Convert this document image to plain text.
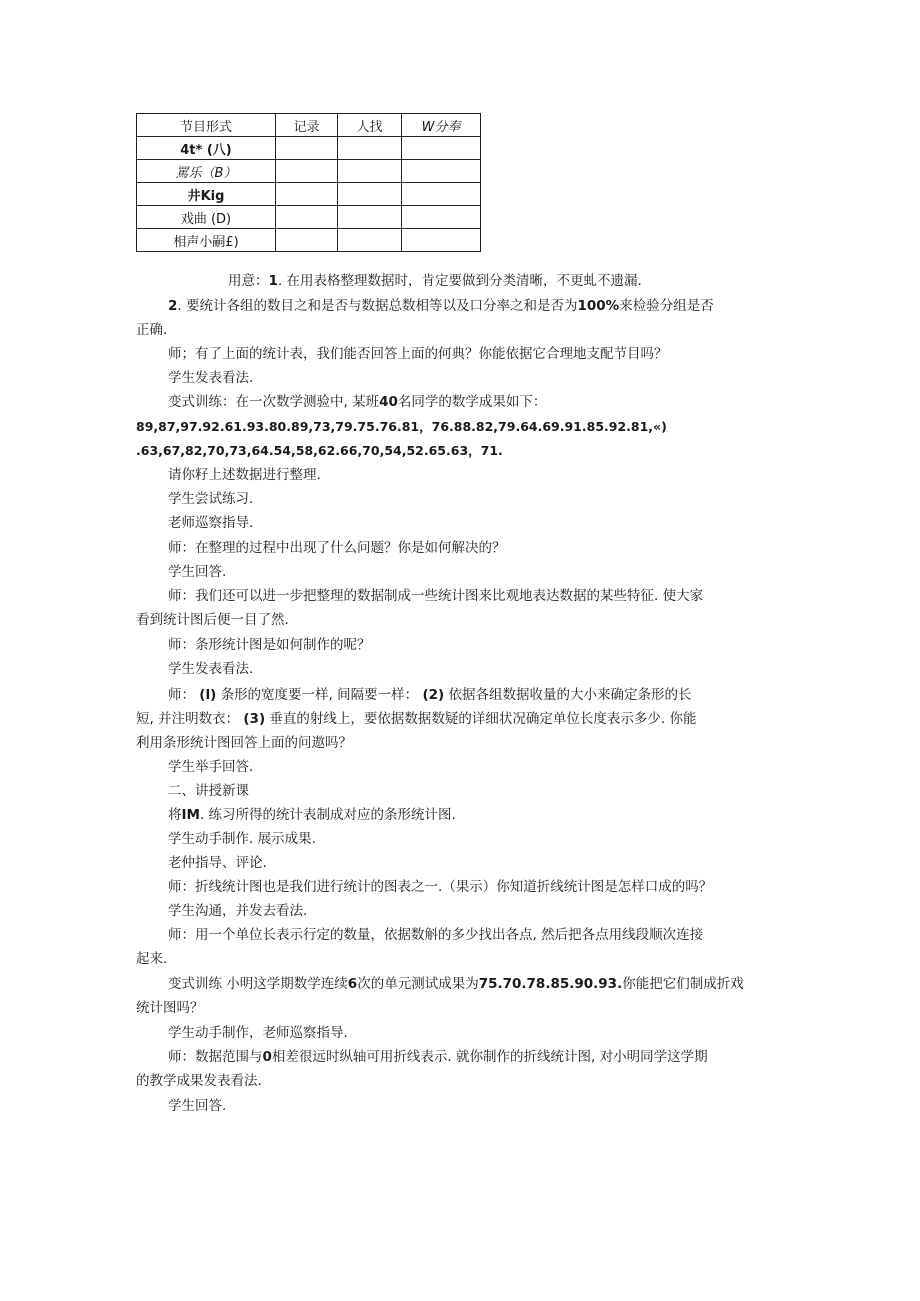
节目形式	记录	人找	W分奉
4t* (八)			
罵乐（B）			
井Kig			
戏曲 (D)			
相声小嗣£)			
用意：1. 在用表格整理数据时，肯定要做到分类清晰，不更虬不遗漏.
2. 要统计各组的数目之和是否与数据总数相等以及口分率之和是否为100%来检验分组是否
正确.
师；有了上面的统计表，我们能否回答上面的何典？你能依据它合理地支配节目吗？
学生发表看法.
变式训练：在一次数学测验中, 某班40名同学的数学成果如下：
89,87,97.92.61.93.80.89,73,79.75.76.81，76.88.82,79.64.69.91.85.92.81,«)
.63,67,82,70,73,64.54,58,62.66,70,54,52.65.63，71.
请你籽上述数据进行整理.
学生尝试练习.
老师巡察指导.
师：在整理的过程中出现了什么问题？你是如何解决的？
学生回答.
师：我们还可以进一步把整理的数据制成一些统计图来比观地表达数据的某些特征. 使大家
看到统计图后便一目了然.
师：条形统计图是如何制作的呢？
学生发表看法.
师： (l) 条形的宽度要一样, 间隔要一样： (2) 依据各组数据收量的大小来确定条形的长
短, 并注明数衣： (3) 垂直的射线上，要依据数据数疑的详细状况确定单位长度表示多少. 你能
利用条形统计图回答上面的问遨吗？
学生举手回答.
二、讲授新课
将IM. 练习所得的统计表制成对应的条形统计图.
学生动手制作. 展示成果.
老仲指导、评论.
师：折线统计图也是我们进行统计的图表之一.（果示）你知道折线统计图是怎样口成的吗？
学生沟通，并发去看法.
师：用一个单位长表示行定的数量，依据数斛的多少找出各点, 然后把各点用线段顺次连接
起来.
变式训练 小明这学期数学连续6次的单元测试成果为75.70.78.85.90.93.你能把它们制成折戏
统计图吗？
学生动手制作，老师巡察指导.
师：数据范围与0相差很远时纵轴可用折线表示. 就你制作的折线统计图, 对小明同学这学期
的教学成果发表看法.
学生回答.
